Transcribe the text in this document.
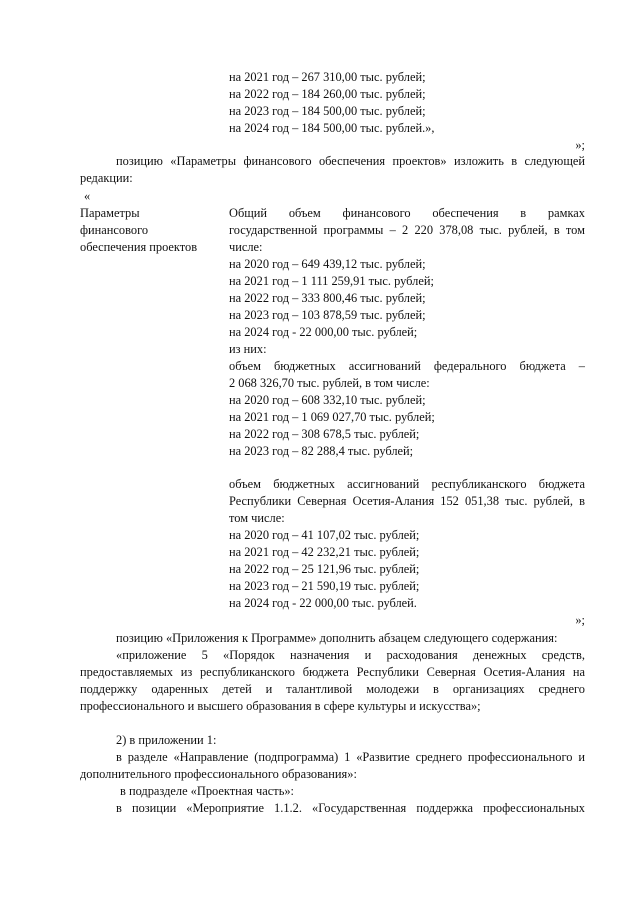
на 2021 год – 267 310,00 тыс. рублей;
на 2022 год – 184 260,00 тыс. рублей;
на 2023 год – 184 500,00 тыс. рублей;
на 2024 год – 184 500,00 тыс. рублей.»,
»;
позицию «Параметры финансового обеспечения проектов» изложить в следующей
редакции:
«
Параметры
финансового
обеспечения проектов
Общий объем финансового обеспечения в рамках
государственной программы – 2 220 378,08 тыс. рублей, в том
числе:
на 2020 год – 649 439,12 тыс. рублей;
на 2021 год – 1 111 259,91 тыс. рублей;
на 2022 год – 333 800,46 тыс. рублей;
на 2023 год – 103 878,59 тыс. рублей;
на 2024 год - 22 000,00 тыс. рублей;
из них:
объем бюджетных ассигнований федерального бюджета –
2 068 326,70 тыс. рублей, в том числе:
на 2020 год – 608 332,10 тыс. рублей;
на 2021 год – 1 069 027,70 тыс. рублей;
на 2022 год – 308 678,5 тыс. рублей;
на 2023 год – 82 288,4 тыс. рублей;
объем бюджетных ассигнований республиканского бюджета
Республики Северная Осетия-Алания 152 051,38 тыс. рублей, в
том числе:
на 2020 год – 41 107,02 тыс. рублей;
на 2021 год – 42 232,21 тыс. рублей;
на 2022 год – 25 121,96 тыс. рублей;
на 2023 год – 21 590,19 тыс. рублей;
на 2024 год - 22 000,00 тыс. рублей.
»;
позицию «Приложения к Программе» дополнить абзацем следующего содержания:
«приложение 5 «Порядок назначения и расходования денежных средств,
предоставляемых из республиканского бюджета Республики Северная Осетия-Алания на
поддержку одаренных детей и талантливой молодежи в организациях среднего
профессионального и высшего образования в сфере культуры и искусства»;
2) в приложении 1:
в разделе «Направление (подпрограмма) 1 «Развитие среднего профессионального и
дополнительного профессионального образования»:
в подразделе «Проектная часть»:
в позиции «Мероприятие 1.1.2. «Государственная поддержка профессиональных
